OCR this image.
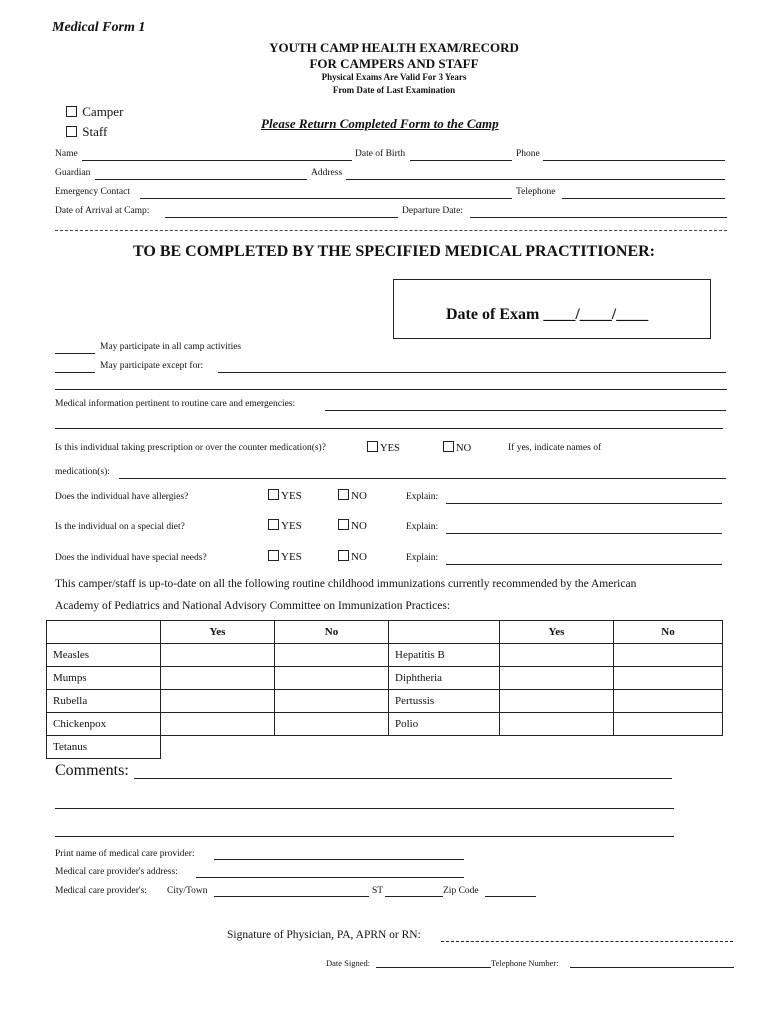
Medical Form 1
YOUTH CAMP HEALTH EXAM/RECORD
FOR CAMPERS AND STAFF
Physical Exams Are Valid For 3 Years
From Date of Last Examination
Camper
Staff
Please Return Completed Form to the Camp
Name	Date of Birth	Phone
Guardian	Address
Emergency Contact	Telephone
Date of Arrival at Camp:	Departure Date:
TO BE COMPLETED BY THE SPECIFIED MEDICAL PRACTITIONER:
Date of Exam ____/____/____
May participate in all camp activities
May participate except for:
Medical information pertinent to routine care and emergencies:
Is this individual taking prescription or over the counter medication(s)?	YES	NO	If yes, indicate names of
medication(s):
Does the individual have allergies?	YES	NO	Explain:
Is the individual on a special diet?	YES	NO	Explain:
Does the individual have special needs?	YES	NO	Explain:
This camper/staff is up-to-date on all the following routine childhood immunizations currently recommended by the American
Academy of Pediatrics and National Advisory Committee on Immunization Practices:
	Yes	No		Yes	No
Measles			Hepatitis B		
Mumps			Diphtheria		
Rubella			Pertussis		
Chickenpox			Polio		
Tetanus					
Comments:
Print name of medical care provider:
Medical care provider's address:
Medical care provider's: City/Town	ST	Zip Code
Signature of Physician, PA, APRN or RN:
Date Signed:	Telephone Number:
